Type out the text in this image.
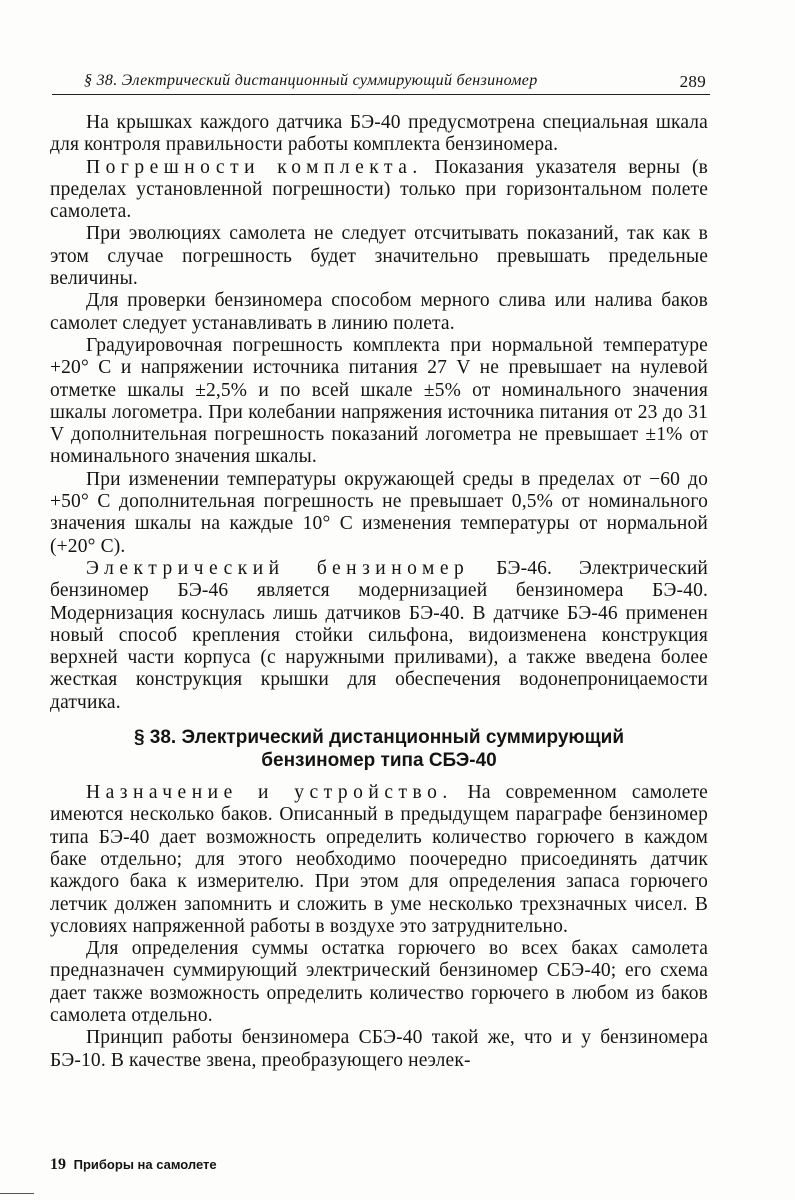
§ 38. Электрический дистанционный суммирующий бензиномер	289

На крышках каждого датчика БЭ-40 предусмотрена специальная шкала для контроля правильности работы комплекта бензиномера.

Погрешности комплекта. Показания указателя верны (в пределах установленной погрешности) только при горизонтальном полете самолета.

При эволюциях самолета не следует отсчитывать показаний, так как в этом случае погрешность будет значительно превышать предельные величины.

Для проверки бензиномера способом мерного слива или налива баков самолет следует устанавливать в линию полета.

Градуировочная погрешность комплекта при нормальной температуре +20° С и напряжении источника питания 27 V не превышает на нулевой отметке шкалы ±2,5% и по всей шкале ±5% от номинального значения шкалы логометра. При колебании напряжения источника питания от 23 до 31 V дополнительная погрешность показаний логометра не превышает ±1% от номинального значения шкалы.

При изменении температуры окружающей среды в пределах от −60 до +50° С дополнительная погрешность не превышает 0,5% от номинального значения шкалы на каждые 10° С изменения температуры от нормальной (+20° С).

Электрический бензиномер БЭ-46. Электрический бензиномер БЭ-46 является модернизацией бензиномера БЭ-40. Модернизация коснулась лишь датчиков БЭ-40. В датчике БЭ-46 применен новый способ крепления стойки сильфона, видоизменена конструкция верхней части корпуса (с наружными приливами), а также введена более жесткая конструкция крышки для обеспечения водонепроницаемости датчика.

§ 38. Электрический дистанционный суммирующий
бензиномер типа СБЭ-40

Назначение и устройство. На современном самолете имеются несколько баков. Описанный в предыдущем параграфе бензиномер типа БЭ-40 дает возможность определить количество горючего в каждом баке отдельно; для этого необходимо поочередно присоединять датчик каждого бака к измерителю. При этом для определения запаса горючего летчик должен запомнить и сложить в уме несколько трехзначных чисел. В условиях напряженной работы в воздухе это затруднительно.

Для определения суммы остатка горючего во всех баках самолета предназначен суммирующий электрический бензиномер СБЭ-40; его схема дает также возможность определить количество горючего в любом из баков самолета отдельно.

Принцип работы бензиномера СБЭ-40 такой же, что и у бензиномера БЭ-10. В качестве звена, преобразующего неэлек-

19 Приборы на самолете
